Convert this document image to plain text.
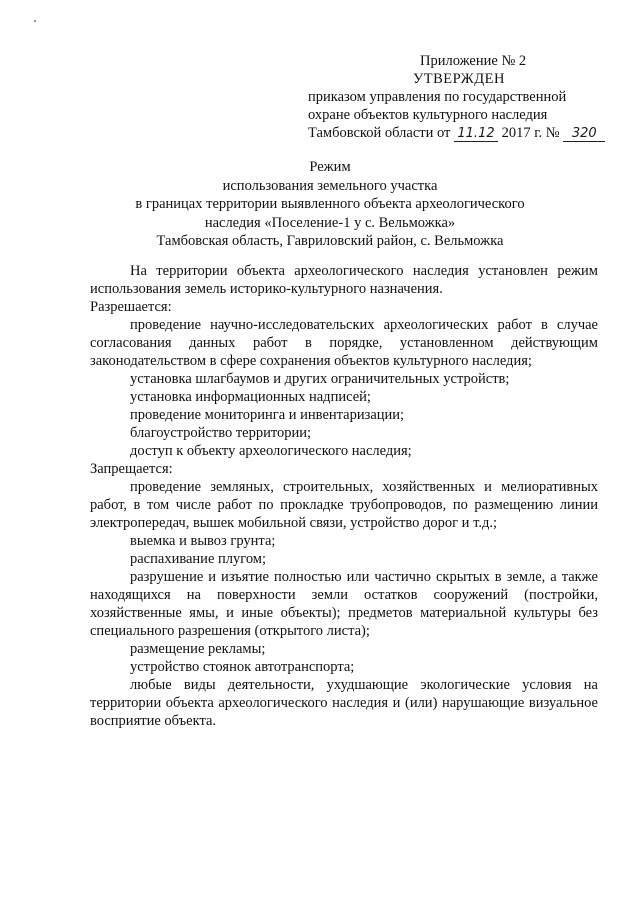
Приложение № 2
УТВЕРЖДЕН
приказом управления по государственной
охране объектов культурного наследия
Тамбовской области от 11.12 2017 г. № 320
Режим
использования земельного участка
в границах территории выявленного объекта археологического
наследия «Поселение-1 у с. Вельможка»
Тамбовская область, Гавриловский район, с. Вельможка

На территории объекта археологического наследия установлен режим использования земель историко-культурного назначения.

Разрешается:

проведение научно-исследовательских археологических работ в случае согласования данных работ в порядке, установленном действующим законодательством в сфере сохранения объектов культурного наследия;

установка шлагбаумов и других ограничительных устройств;

установка информационных надписей;

проведение мониторинга и инвентаризации;

благоустройство территории;

доступ к объекту археологического наследия;

Запрещается:

проведение земляных, строительных, хозяйственных и мелиоративных работ, в том числе работ по прокладке трубопроводов, по размещению линии электропередач, вышек мобильной связи, устройство дорог и т.д.;

выемка и вывоз грунта;

распахивание плугом;

разрушение и изъятие полностью или частично скрытых в земле, а также находящихся на поверхности земли остатков сооружений (постройки, хозяйственные ямы, и иные объекты); предметов материальной культуры без специального разрешения (открытого листа);

размещение рекламы;

устройство стоянок автотранспорта;

любые виды деятельности, ухудшающие экологические условия на территории объекта археологического наследия и (или) нарушающие визуальное восприятие объекта.
